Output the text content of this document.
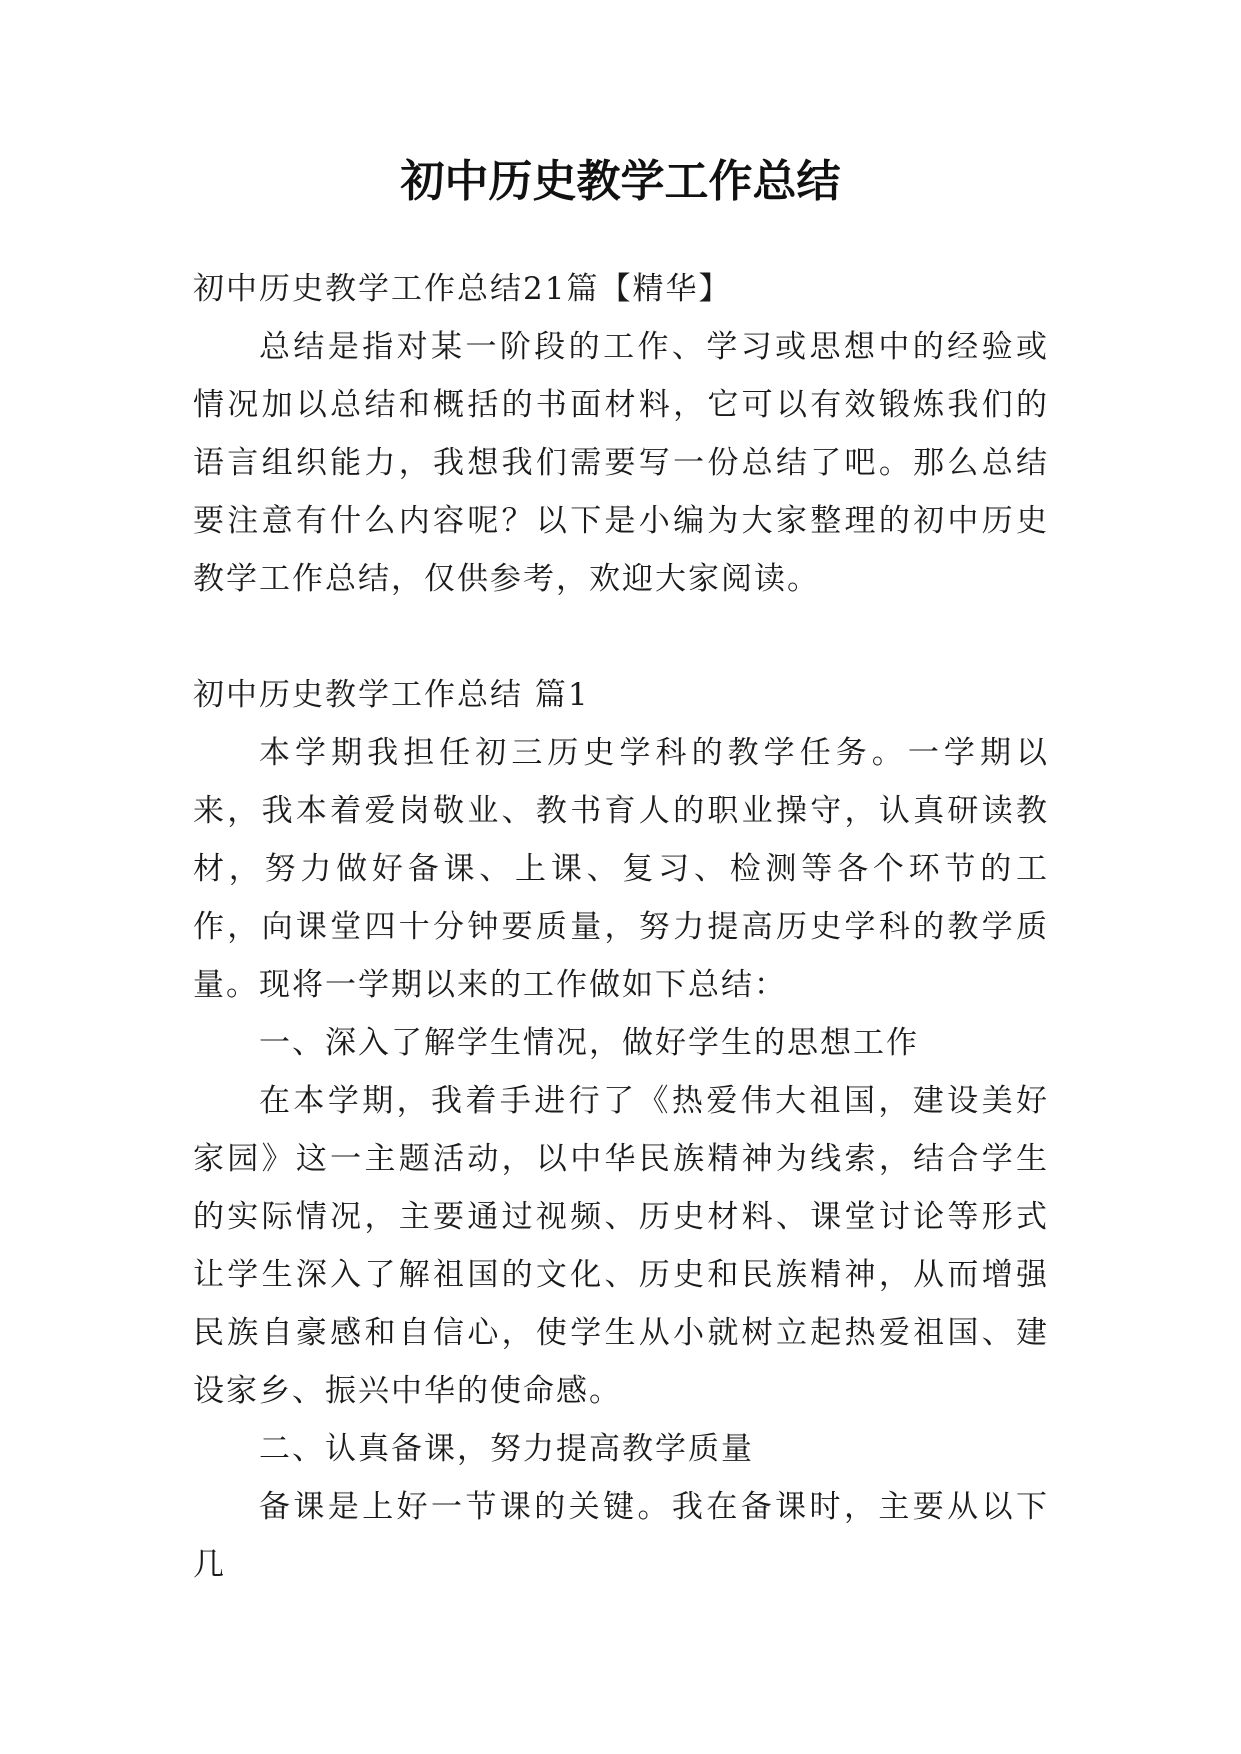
初中历史教学工作总结

初中历史教学工作总结21篇【精华】

总结是指对某一阶段的工作、学习或思想中的经验或情况加以总结和概括的书面材料，它可以有效锻炼我们的语言组织能力，我想我们需要写一份总结了吧。那么总结要注意有什么内容呢？以下是小编为大家整理的初中历史教学工作总结，仅供参考，欢迎大家阅读。

初中历史教学工作总结 篇1

本学期我担任初三历史学科的教学任务。一学期以来，我本着爱岗敬业、教书育人的职业操守，认真研读教材，努力做好备课、上课、复习、检测等各个环节的工作，向课堂四十分钟要质量，努力提高历史学科的教学质量。现将一学期以来的工作做如下总结：

一、深入了解学生情况，做好学生的思想工作

在本学期，我着手进行了《热爱伟大祖国，建设美好家园》这一主题活动，以中华民族精神为线索，结合学生的实际情况，主要通过视频、历史材料、课堂讨论等形式让学生深入了解祖国的文化、历史和民族精神，从而增强民族自豪感和自信心，使学生从小就树立起热爱祖国、建设家乡、振兴中华的使命感。

二、认真备课，努力提高教学质量

备课是上好一节课的关键。我在备课时，主要从以下几
